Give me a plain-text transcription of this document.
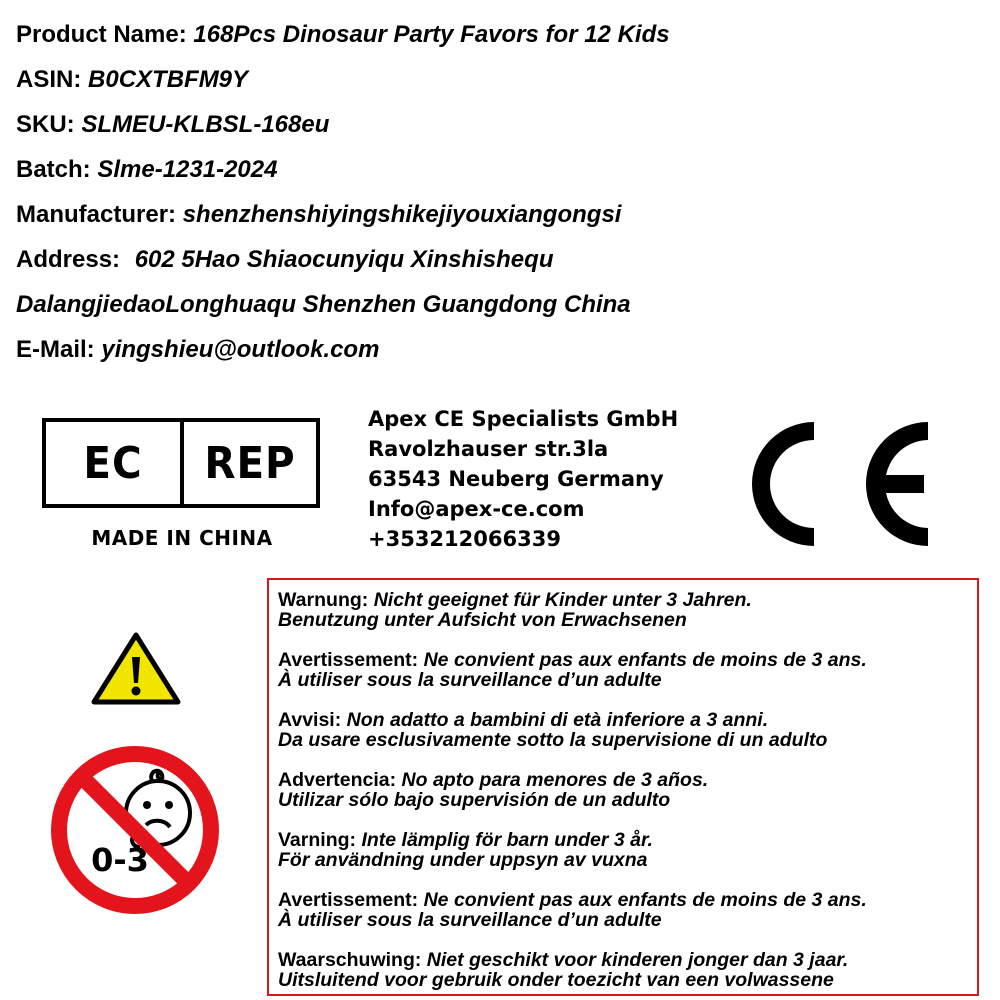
Product Name: 168Pcs Dinosaur Party Favors for 12 Kids
ASIN: B0CXTBFM9Y
SKU: SLMEU-KLBSL-168eu
Batch: Slme-1231-2024
Manufacturer: shenzhenshiyingshikejiyouxiangongsi
Address: 602 5Hao Shiaocunyiqu Xinshishequ
DalangjiedaoLonghuaqu Shenzhen Guangdong China
E-Mail: yingshieu@outlook.com
EC	REP
MADE IN CHINA
Apex CE Specialists GmbH
Ravolzhauser str.3la
63543 Neuberg Germany
Info@apex-ce.com
+353212066339
0-3
Warnung: Nicht geeignet für Kinder unter 3 Jahren.
Benutzung unter Aufsicht von Erwachsenen
Avertissement: Ne convient pas aux enfants de moins de 3 ans.
À utiliser sous la surveillance d’un adulte
Avvisi: Non adatto a bambini di età inferiore a 3 anni.
Da usare esclusivamente sotto la supervisione di un adulto
Advertencia: No apto para menores de 3 años.
Utilizar sólo bajo supervisión de un adulto
Varning: Inte lämplig för barn under 3 år.
För användning under uppsyn av vuxna
Avertissement: Ne convient pas aux enfants de moins de 3 ans.
À utiliser sous la surveillance d’un adulte
Waarschuwing: Niet geschikt voor kinderen jonger dan 3 jaar.
Uitsluitend voor gebruik onder toezicht van een volwassene
